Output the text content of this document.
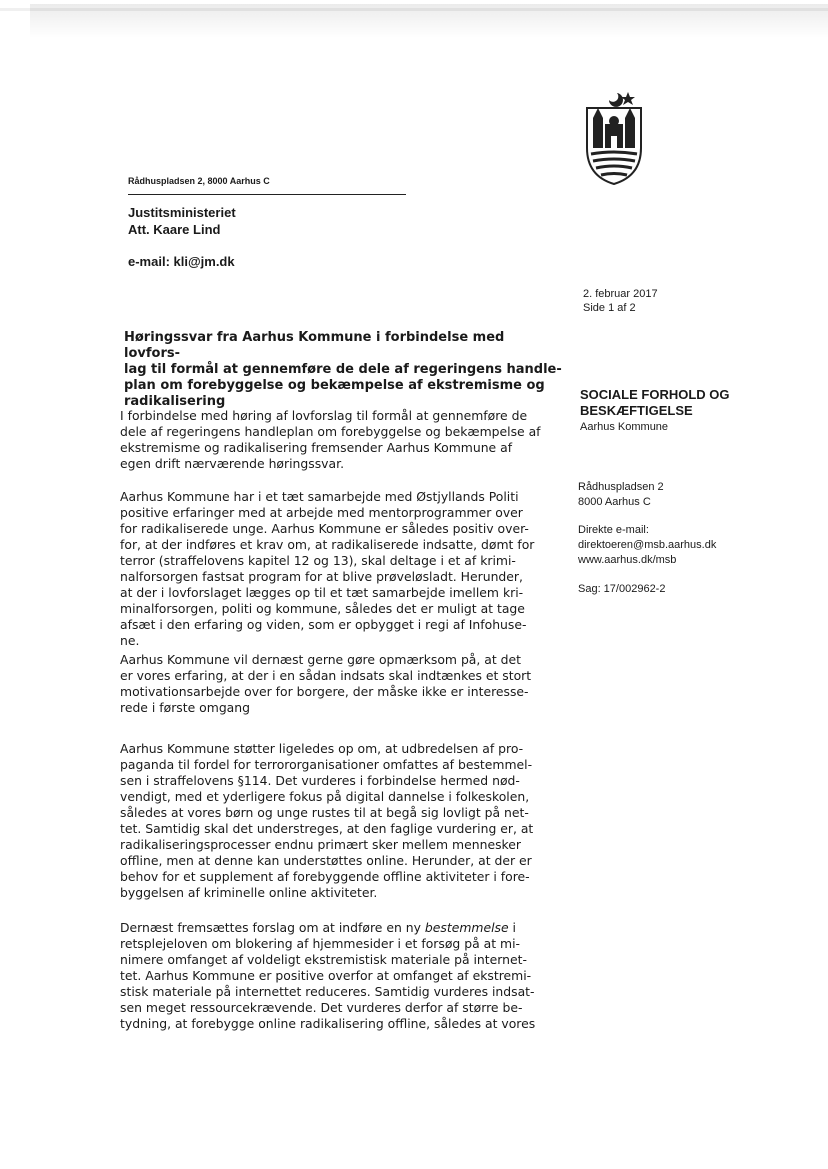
Rådhuspladsen 2, 8000 Aarhus C
Justitsministeriet
Att. Kaare Lind
e-mail: kli@jm.dk
2. februar 2017
Side 1 af 2
SOCIALE FORHOLD OG
BESKÆFTIGELSE
Aarhus Kommune
Rådhuspladsen 2
8000 Aarhus C
Direkte e-mail:
direktoeren@msb.aarhus.dk
www.aarhus.dk/msb
Sag: 17/002962-2
Høringssvar fra Aarhus Kommune i forbindelse med lovfors-
lag til formål at gennemføre de dele af regeringens handle-
plan om forebyggelse og bekæmpelse af ekstremisme og
radikalisering
I forbindelse med høring af lovforslag til formål at gennemføre de
dele af regeringens handleplan om forebyggelse og bekæmpelse af
ekstremisme og radikalisering fremsender Aarhus Kommune af
egen drift nærværende høringssvar.
Aarhus Kommune har i et tæt samarbejde med Østjyllands Politi
positive erfaringer med at arbejde med mentorprogrammer over
for radikaliserede unge. Aarhus Kommune er således positiv over-
for, at der indføres et krav om, at radikaliserede indsatte, dømt for
terror (straffelovens kapitel 12 og 13), skal deltage i et af krimi-
nalforsorgen fastsat program for at blive prøveløsladt. Herunder,
at der i lovforslaget lægges op til et tæt samarbejde imellem kri-
minalforsorgen, politi og kommune, således det er muligt at tage
afsæt i den erfaring og viden, som er opbygget i regi af Infohuse-
ne.
Aarhus Kommune vil dernæst gerne gøre opmærksom på, at det
er vores erfaring, at der i en sådan indsats skal indtænkes et stort
motivationsarbejde over for borgere, der måske ikke er interesse-
rede i første omgang
Aarhus Kommune støtter ligeledes op om, at udbredelsen af pro-
paganda til fordel for terrororganisationer omfattes af bestemmel-
sen i straffelovens §114. Det vurderes i forbindelse hermed nød-
vendigt, med et yderligere fokus på digital dannelse i folkeskolen,
således at vores børn og unge rustes til at begå sig lovligt på net-
tet. Samtidig skal det understreges, at den faglige vurdering er, at
radikaliseringsprocesser endnu primært sker mellem mennesker
offline, men at denne kan understøttes online. Herunder, at der er
behov for et supplement af forebyggende offline aktiviteter i fore-
byggelsen af kriminelle online aktiviteter.
Dernæst fremsættes forslag om at indføre en ny bestemmelse i
retsplejeloven om blokering af hjemmesider i et forsøg på at mi-
nimere omfanget af voldeligt ekstremistisk materiale på internet-
tet. Aarhus Kommune er positive overfor at omfanget af ekstremi-
stisk materiale på internettet reduceres. Samtidig vurderes indsat-
sen meget ressourcekrævende. Det vurderes derfor af større be-
tydning, at forebygge online radikalisering offline, således at vores
